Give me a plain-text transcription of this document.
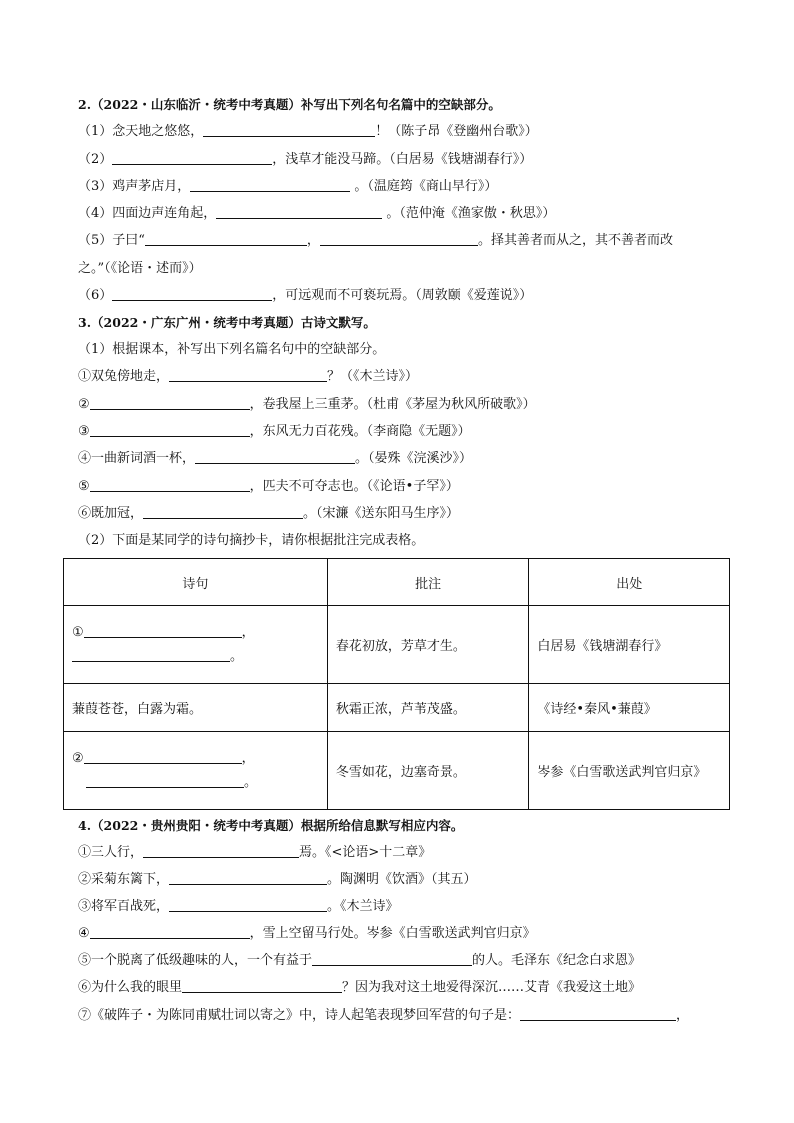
2.（2022・山东临沂・统考中考真题）补写出下列名句名篇中的空缺部分。
（1）念天地之悠悠，	！（陈子昂《登幽州台歌》）
（2）	，浅草才能没马蹄。（白居易《钱塘湖春行》）
（3）鸡声茅店月，	。（温庭筠《商山早行》）
（4）四面边声连角起，	。（范仲淹《渔家傲・秋思》）
（5）子曰“	，	。择其善者而从之，其不善者而改
之。”（《论语・述而》）
（6）	，可远观而不可亵玩焉。（周敦颐《爱莲说》）
3.（2022・广东广州・统考中考真题）古诗文默写。
（1）根据课本，补写出下列名篇名句中的空缺部分。
①双兔傍地走，	？（《木兰诗》）
②	，卷我屋上三重茅。（杜甫《茅屋为秋风所破歌》）
③	，东风无力百花残。（李商隐《无题》）
④一曲新词酒一杯，	。（晏殊《浣溪沙》）
⑤	，匹夫不可夺志也。（《论语•子罕》）
⑥既加冠，	。（宋濂《送东阳马生序》）
（2）下面是某同学的诗句摘抄卡，请你根据批注完成表格。
诗句	批注	出处

① ，
。	春花初放，芳草才生。	白居易《钱塘湖春行》
蒹葭苍苍，白露为霜。	秋霜正浓，芦苇茂盛。	《诗经•秦风•蒹葭》

② ，
。	冬雪如花，边塞奇景。	岑参《白雪歌送武判官归京》
4.（2022・贵州贵阳・统考中考真题）根据所给信息默写相应内容。
①三人行，	焉。《<论语>十二章》
②采菊东篱下，	。陶渊明《饮酒》（其五）
③将军百战死，	。《木兰诗》
④	，雪上空留马行处。岑参《白雪歌送武判官归京》
⑤一个脱离了低级趣味的人，一个有益于	的人。毛泽东《纪念白求恩》
⑥为什么我的眼里	？因为我对这土地爱得深沉……艾青《我爱这土地》
⑦《破阵子・为陈同甫赋壮词以寄之》中，诗人起笔表现梦回军营的句子是：	，
